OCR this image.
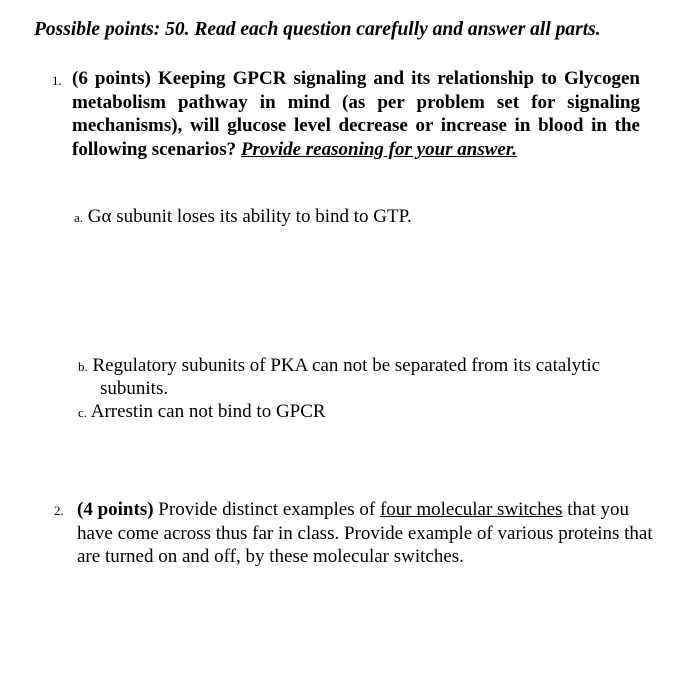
Possible points: 50. Read each question carefully and answer all parts.
1. (6 points) Keeping GPCR signaling and its relationship to Glycogen metabolism pathway in mind (as per problem set for signaling mechanisms), will glucose level decrease or increase in blood in the following scenarios? Provide reasoning for your answer.
a. Gα subunit loses its ability to bind to GTP.
b. Regulatory subunits of PKA can not be separated from its catalytic
subunits.
c. Arrestin can not bind to GPCR
2. (4 points) Provide distinct examples of four molecular switches that you have come across thus far in class. Provide example of various proteins that are turned on and off, by these molecular switches.
